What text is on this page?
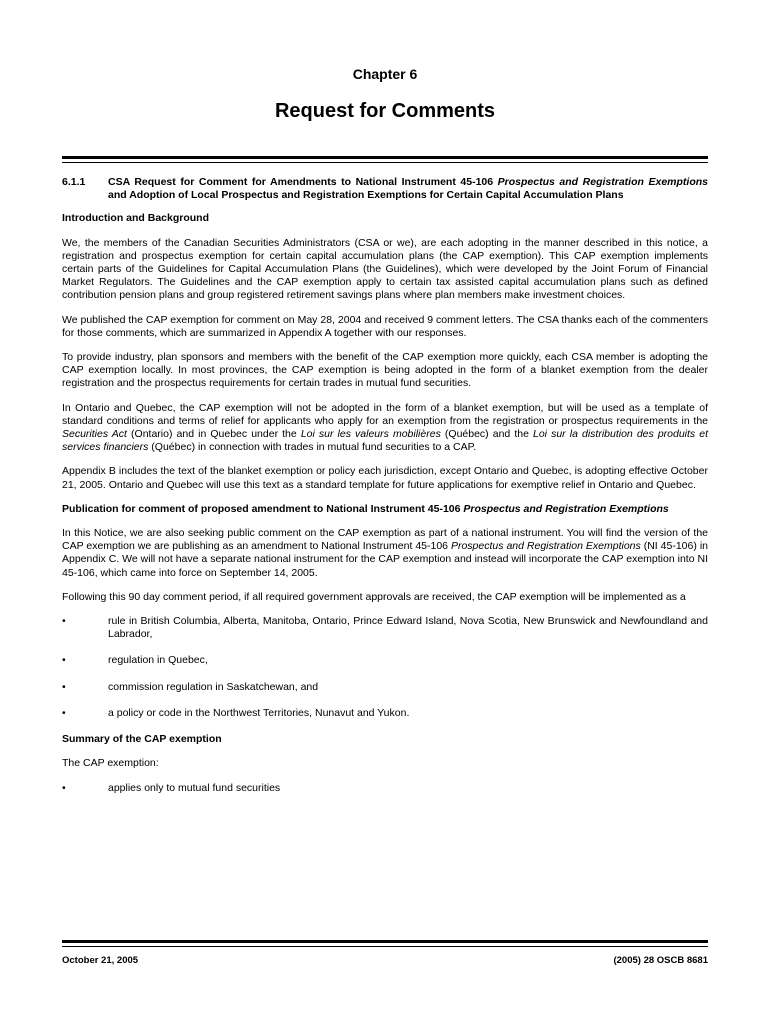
Chapter 6
Request for Comments
6.1.1	CSA Request for Comment for Amendments to National Instrument 45-106 Prospectus and Registration Exemptions and Adoption of Local Prospectus and Registration Exemptions for Certain Capital Accumulation Plans
Introduction and Background

We, the members of the Canadian Securities Administrators (CSA or we), are each adopting in the manner described in this notice, a registration and prospectus exemption for certain capital accumulation plans (the CAP exemption). This CAP exemption implements certain parts of the Guidelines for Capital Accumulation Plans (the Guidelines), which were developed by the Joint Forum of Financial Market Regulators. The Guidelines and the CAP exemption apply to certain tax assisted capital accumulation plans such as defined contribution pension plans and group registered retirement savings plans where plan members make investment choices.

We published the CAP exemption for comment on May 28, 2004 and received 9 comment letters. The CSA thanks each of the commenters for those comments, which are summarized in Appendix A together with our responses.

To provide industry, plan sponsors and members with the benefit of the CAP exemption more quickly, each CSA member is adopting the CAP exemption locally. In most provinces, the CAP exemption is being adopted in the form of a blanket exemption from the dealer registration and the prospectus requirements for certain trades in mutual fund securities.

In Ontario and Quebec, the CAP exemption will not be adopted in the form of a blanket exemption, but will be used as a template of standard conditions and terms of relief for applicants who apply for an exemption from the registration or prospectus requirements in the Securities Act (Ontario) and in Quebec under the Loi sur les valeurs mobilières (Québec) and the Loi sur la distribution des produits et services financiers (Québec) in connection with trades in mutual fund securities to a CAP.

Appendix B includes the text of the blanket exemption or policy each jurisdiction, except Ontario and Quebec, is adopting effective October 21, 2005. Ontario and Quebec will use this text as a standard template for future applications for exemptive relief in Ontario and Quebec.

Publication for comment of proposed amendment to National Instrument 45-106 Prospectus and Registration Exemptions

In this Notice, we are also seeking public comment on the CAP exemption as part of a national instrument. You will find the version of the CAP exemption we are publishing as an amendment to National Instrument 45-106 Prospectus and Registration Exemptions (NI 45-106) in Appendix C. We will not have a separate national instrument for the CAP exemption and instead will incorporate the CAP exemption into NI 45-106, which came into force on September 14, 2005.

Following this 90 day comment period, if all required government approvals are received, the CAP exemption will be implemented as a

•	rule in British Columbia, Alberta, Manitoba, Ontario, Prince Edward Island, Nova Scotia, New Brunswick and Newfoundland and Labrador,
•	regulation in Quebec,
•	commission regulation in Saskatchewan, and
•	a policy or code in the Northwest Territories, Nunavut and Yukon.
Summary of the CAP exemption

The CAP exemption:

•	applies only to mutual fund securities
October 21, 2005	(2005) 28 OSCB 8681
